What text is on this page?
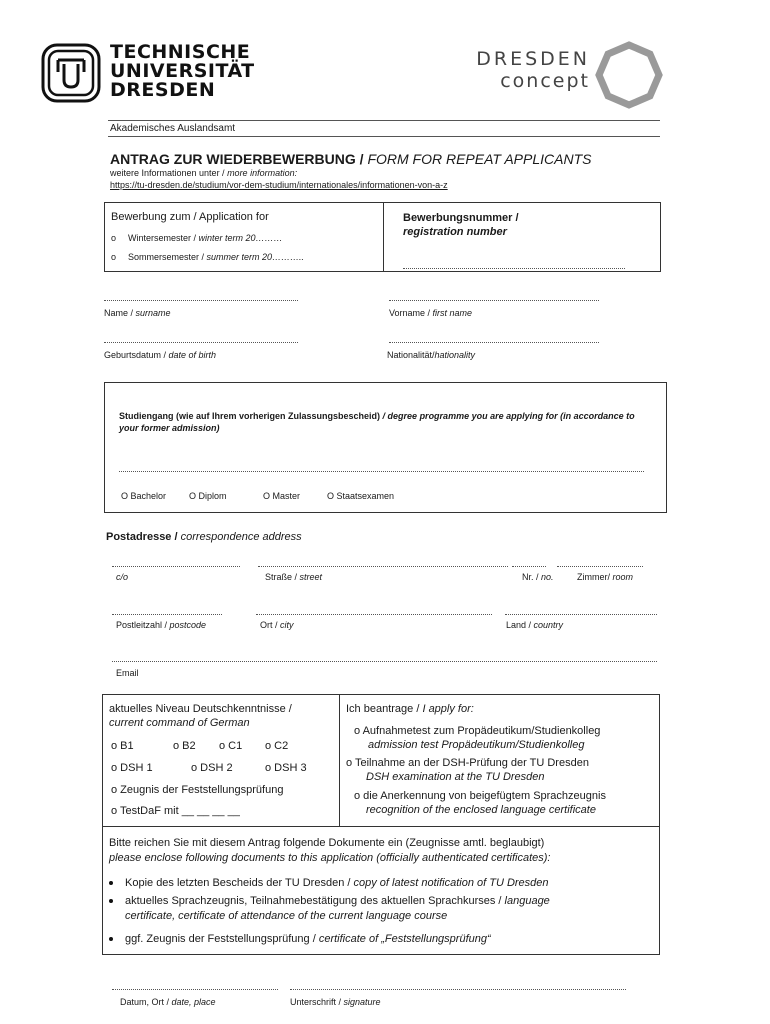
TECHNISCHE
UNIVERSITÄT
DRESDEN
DRESDEN
concept
Akademisches Auslandsamt
ANTRAG ZUR WIEDERBEWERBUNG / FORM FOR REPEAT APPLICANTS
weitere Informationen unter / more information:
https://tu-dresden.de/studium/vor-dem-studium/internationales/informationen-von-a-z
Bewerbung zum / Application for
o Wintersemester / winter term 20………
o Sommersemester / summer term 20………..
Bewerbungsnummer /
registration number
Name / surname	Vorname / first name
Geburtsdatum / date of birth	Nationalität/hationality
Studiengang (wie auf Ihrem vorherigen Zulassungsbescheid) / degree programme you are applying for (in accordance to your former admission)
O Bachelor	O Diplom	O Master	O Staatsexamen
Postadresse / correspondence address
c/o	Straße / street	Nr. / no.	Zimmer/ room
Postleitzahl / postcode	Ort / city	Land / country
Email
aktuelles Niveau Deutschkenntnisse /
current command of German
o B1	o B2 o C1 o C2
o DSH 1	o DSH 2	o DSH 3
o Zeugnis der Feststellungsprüfung
o TestDaF mit __ __ __ __
Ich beantrage / I apply for:
o Aufnahmetest zum Propädeutikum/Studienkolleg
admission test Propädeutikum/Studienkolleg
o Teilnahme an der DSH-Prüfung der TU Dresden
DSH examination at the TU Dresden
o die Anerkennung von beigefügtem Sprachzeugnis
recognition of the enclosed language certificate
Bitte reichen Sie mit diesem Antrag folgende Dokumente ein (Zeugnisse amtl. beglaubigt)
please enclose following documents to this application (officially authenticated certificates):
Kopie des letzten Bescheids der TU Dresden / copy of latest notification of TU Dresden
aktuelles Sprachzeugnis, Teilnahmebestätigung des aktuellen Sprachkurses / language
certificate, certificate of attendance of the current language course
ggf. Zeugnis der Feststellungsprüfung / certificate of „Feststellungsprüfung“
Datum, Ort / date, place	Unterschrift / signature
